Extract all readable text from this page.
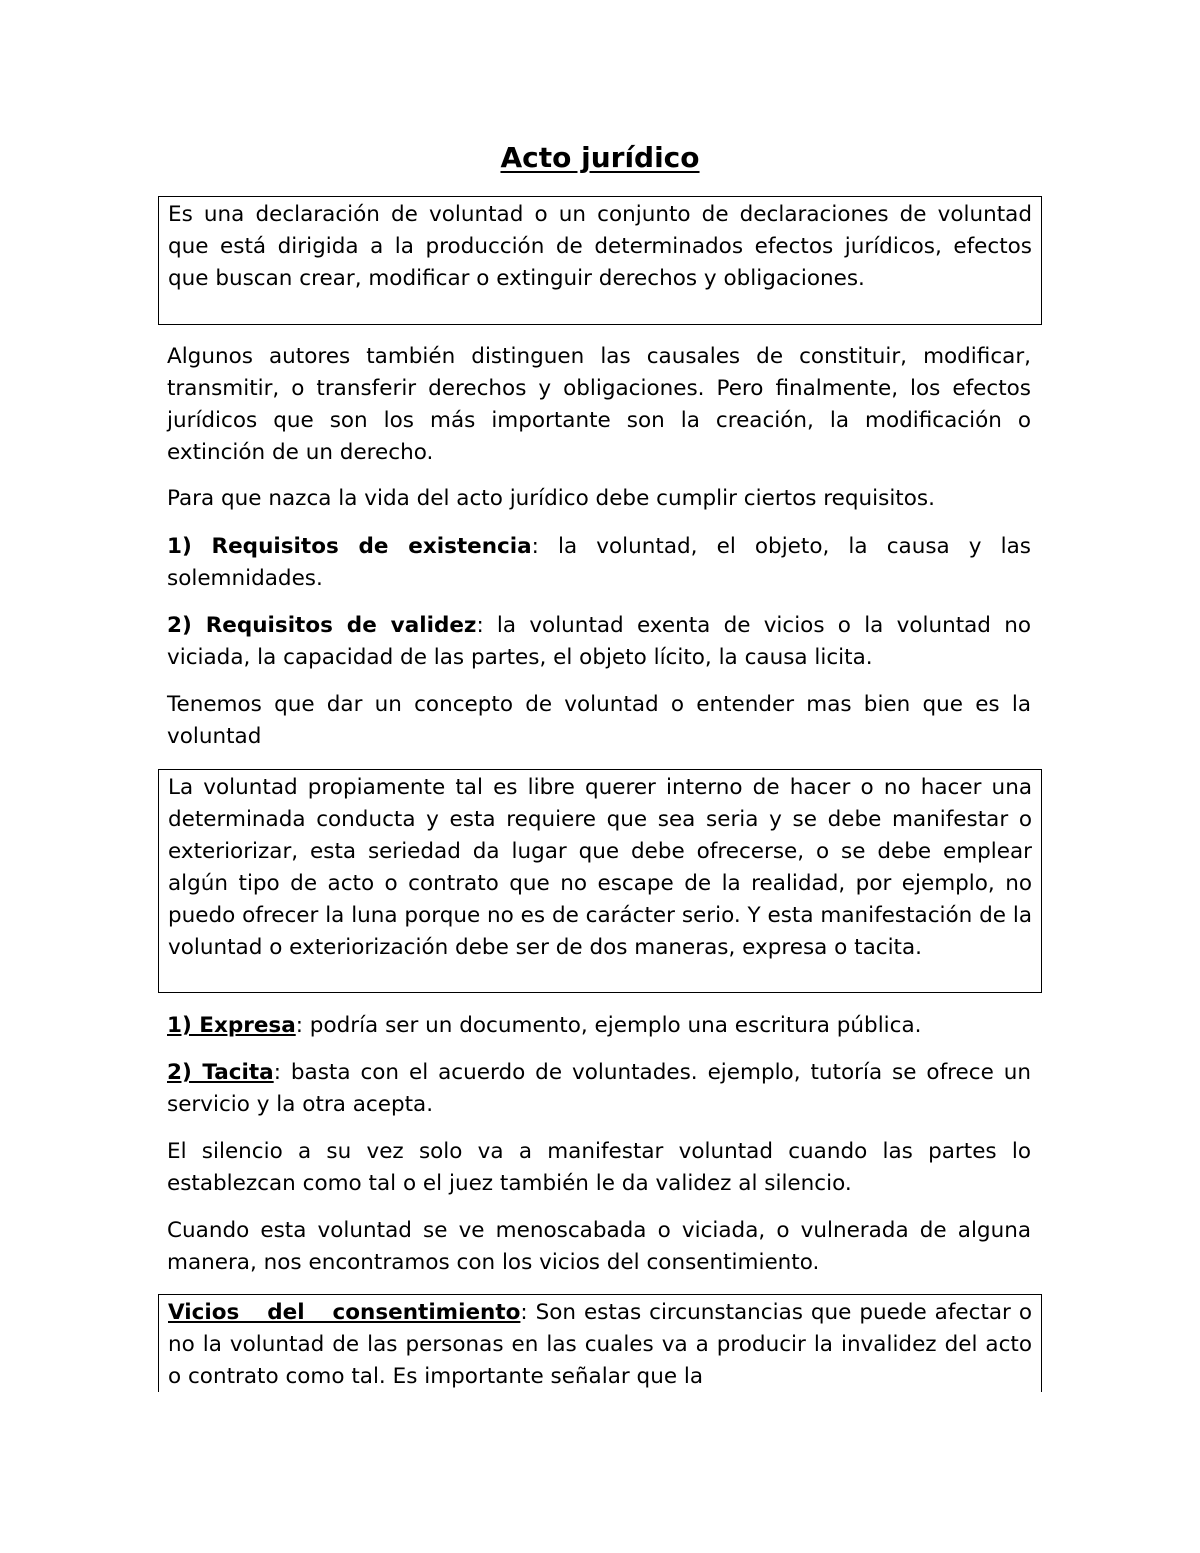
Acto jurídico

Es una declaración de voluntad o un conjunto de declaraciones de voluntad que está dirigida a la producción de determinados efectos jurídicos, efectos que buscan crear, modificar o extinguir derechos y obligaciones.

Algunos autores también distinguen las causales de constituir, modificar, transmitir, o transferir derechos y obligaciones. Pero finalmente, los efectos jurídicos que son los más importante son la creación, la modificación o extinción de un derecho.

Para que nazca la vida del acto jurídico debe cumplir ciertos requisitos.

1) Requisitos de existencia: la voluntad, el objeto, la causa y las solemnidades.

2) Requisitos de validez: la voluntad exenta de vicios o la voluntad no viciada, la capacidad de las partes, el objeto lícito, la causa licita.

Tenemos que dar un concepto de voluntad o entender mas bien que es la voluntad

La voluntad propiamente tal es libre querer interno de hacer o no hacer una determinada conducta y esta requiere que sea seria y se debe manifestar o exteriorizar, esta seriedad da lugar que debe ofrecerse, o se debe emplear algún tipo de acto o contrato que no escape de la realidad, por ejemplo, no puedo ofrecer la luna porque no es de carácter serio. Y esta manifestación de la voluntad o exteriorización debe ser de dos maneras, expresa o tacita.

1) Expresa: podría ser un documento, ejemplo una escritura pública.

2) Tacita: basta con el acuerdo de voluntades. ejemplo, tutoría se ofrece un servicio y la otra acepta.

El silencio a su vez solo va a manifestar voluntad cuando las partes lo establezcan como tal o el juez también le da validez al silencio.

Cuando esta voluntad se ve menoscabada o viciada, o vulnerada de alguna manera, nos encontramos con los vicios del consentimiento.

Vicios del consentimiento: Son estas circunstancias que puede afectar o no la voluntad de las personas en las cuales va a producir la invalidez del acto o contrato como tal. Es importante señalar que la
